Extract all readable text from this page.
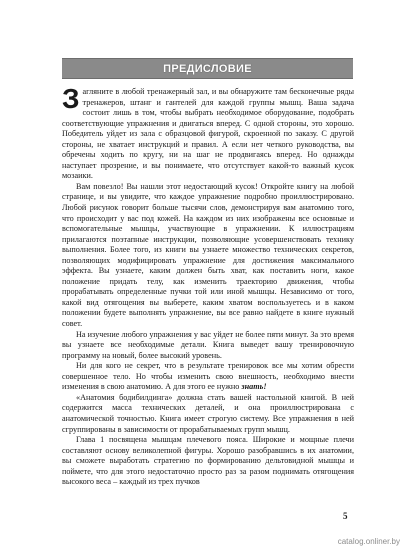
ПРЕДИСЛОВИЕ

Загляните в любой тренажерный зал, и вы обнаружите там бесконечные ряды тренажеров, штанг и гантелей для каждой группы мышц. Ваша задача состоит лишь в том, чтобы выбрать необходимое оборудование, подобрать соответствующие упражнения и двигаться вперед. С одной стороны, это хорошо. Победитель уйдет из зала с образцовой фигурой, скроенной по заказу. С другой стороны, не хватает инструкций и правил. А если нет четкого руководства, вы обречены ходить по кругу, ни на шаг не продвигаясь вперед. Но однажды наступает прозрение, и вы понимаете, что отсутствует какой-то важный кусок мозаики.

Вам повезло! Вы нашли этот недостающий кусок! Откройте книгу на любой странице, и вы увидите, что каждое упражнение подробно проиллюстрировано. Любой рисунок говорит больше тысячи слов, демонстрируя вам анатомию того, что происходит у вас под кожей. На каждом из них изображены все основные и вспомогательные мышцы, участвующие в упражнении. К иллюстрациям прилагаются поэтапные инструкции, позволяющие усовершенствовать технику выполнения. Более того, из книги вы узнаете множество технических секретов, позволяющих модифицировать упражнение для достижения максимального эффекта. Вы узнаете, каким должен быть хват, как поставить ноги, какое положение придать телу, как изменить траекторию движения, чтобы прорабатывать определенные пучки той или иной мышцы. Независимо от того, какой вид отягощения вы выберете, каким хватом воспользуетесь и в каком положении будете выполнять упражнение, вы все равно найдете в книге нужный совет.

На изучение любого упражнения у вас уйдет не более пяти минут. За это время вы узнаете все необходимые детали. Книга выведет вашу тренировочную программу на новый, более высокий уровень.

Ни для кого не секрет, что в результате тренировок все мы хотим обрести совершенное тело. Но чтобы изменить свою внешность, необходимо внести изменения в свою анатомию. А для этого ее нужно знать!

«Анатомия бодибилдинга» должна стать вашей настольной книгой. В ней содержится масса технических деталей, и она проиллюстрирована с анатомической точностью. Книга имеет строгую систему. Все упражнения в ней сгруппированы в зависимости от прорабатываемых групп мышц.

Глава 1 посвящена мышцам плечевого пояса. Широкие и мощные плечи составляют основу великолепной фигуры. Хорошо разобравшись в их анатомии, вы сможете выработать стратегию по формированию дельтовидной мышцы и поймете, что для этого недостаточно просто раз за разом поднимать отягощения высокого веса – каждый из трех пучков

5
catalog.onliner.by
